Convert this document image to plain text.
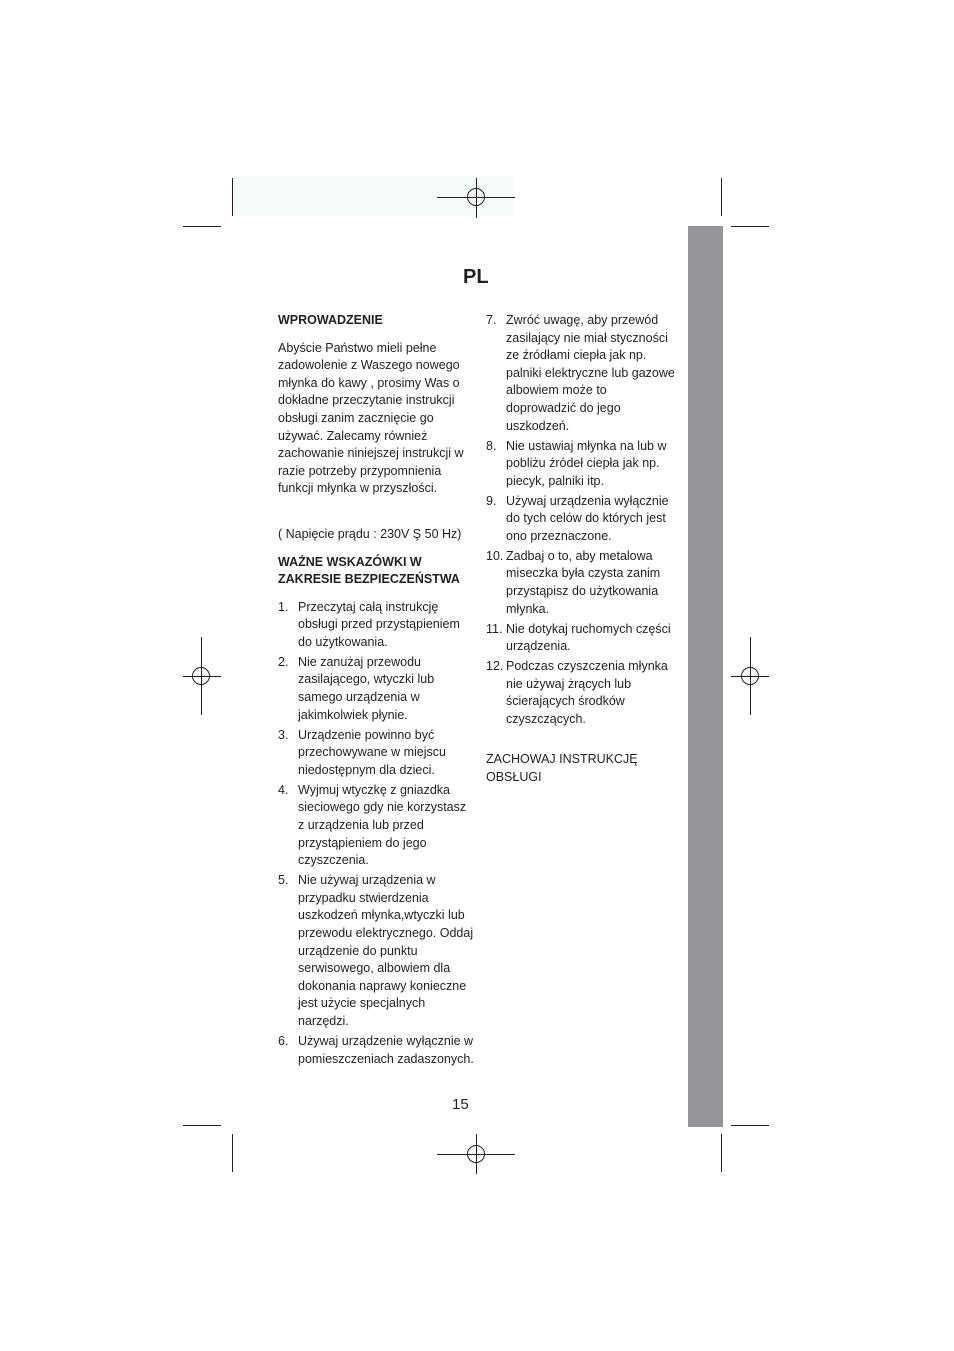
PL

WPROWADZENIE

Abyście Państwo mieli pełne zadowolenie z Waszego nowego młynka do kawy , prosimy Was o dokładne przeczytanie instrukcji obsługi zanim zacznięcie go używać. Zalecamy również zachowanie niniejszej instrukcji w razie potrzeby przypomnienia funkcji młynka w przyszłości.

( Napięcie prądu : 230V Ş 50 Hz)

WAŻNE WSKAZÓWKI W ZAKRESIE BEZPIECZEŃSTWA

1. Przeczytaj całą instrukcję obsługi przed przystąpieniem do użytkowania.
2. Nie zanużaj przewodu zasilającego, wtyczki lub samego urządzenia w jakimkolwiek płynie.
3. Urządzenie powinno być przechowywane w miejscu niedostępnym dla dzieci.
4. Wyjmuj wtyczkę z gniazdka sieciowego gdy nie korzystasz z urządzenia lub przed przystąpieniem do jego czyszczenia.
5. Nie używaj urządzenia w przypadku stwierdzenia uszkodzeń młynka,wtyczki lub przewodu elektrycznego. Oddaj urządzenie do punktu serwisowego, albowiem dla dokonania naprawy konieczne jest użycie specjalnych narzędzi.
6. Używaj urządzenie wyłącznie w pomieszczeniach zadaszonych.
7. Zwróć uwagę, aby przewód zasilający nie miał styczności ze źródłami ciepła jak np. palniki elektryczne lub gazowe albowiem może to doprowadzić do jego uszkodzeń.
8. Nie ustawiaj młynka na lub w pobliżu źródeł ciepła jak np. piecyk, palniki itp.
9. Używaj urządzenia wyłącznie do tych celów do których jest ono przeznaczone.
10. Zadbaj o to, aby metalowa miseczka była czysta zanim przystąpisz do użytkowania młynka.
11. Nie dotykaj ruchomych części urządzenia.
12. Podczas czyszczenia młynka nie używaj żrących lub ścierających środków czyszczących.

ZACHOWAJ INSTRUKCJĘ OBSŁUGI

15
